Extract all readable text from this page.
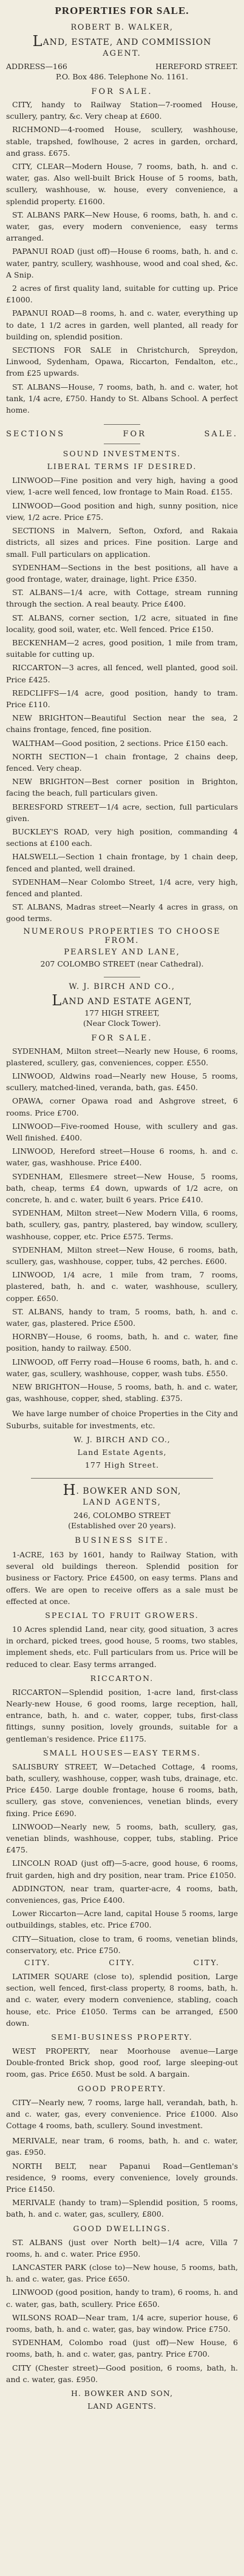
PROPERTIES FOR SALE.
ROBERT B. WALKER,
LAND, ESTATE, AND COMMISSION
AGENT.
ADDRESS—166	HEREFORD STREET.
P.O. Box 486. Telephone No. 1161.
FOR SALE.
CITY, handy to Railway Station—7-roomed House, scullery, pantry, &c. Very cheap at £600.
RICHMOND—4-roomed House, scullery, washhouse, stable, trapshed, fowlhouse, 2 acres in garden, orchard, and grass. £675.
CITY, CLEAR—Modern House, 7 rooms, bath, h. and c. water, gas. Also well-built Brick House of 5 rooms, bath, scullery, washhouse, w. house, every convenience, a splendid property. £1600.
ST. ALBANS PARK—New House, 6 rooms, bath, h. and c. water, gas, every modern convenience, easy terms arranged.
PAPANUI ROAD (just off)—House 6 rooms, bath, h. and c. water, pantry, scullery, washhouse, wood and coal shed, &c. A Snip.
2 acres of first quality land, suitable for cutting up. Price £1000.
PAPANUI ROAD—8 rooms, h. and c. water, everything up to date, 1 1/2 acres in garden, well planted, all ready for building on, splendid position.
SECTIONS FOR SALE in Christchurch, Spreydon, Linwood, Sydenham, Opawa, Riccarton, Fendalton, etc., from £25 upwards.
ST. ALBANS—House, 7 rooms, bath, h. and c. water, hot tank, 1/4 acre, £750. Handy to St. Albans School. A perfect home.
SECTIONS	FOR	SALE.
SOUND INVESTMENTS.
LIBERAL TERMS IF DESIRED.
LINWOOD—Fine position and very high, having a good view, 1-acre well fenced, low frontage to Main Road. £155.
LINWOOD—Good position and high, sunny position, nice view, 1/2 acre. Price £75.
SECTIONS in Malvern, Sefton, Oxford, and Rakaia districts, all sizes and prices. Fine position. Large and small. Full particulars on application.
SYDENHAM—Sections in the best positions, all have a good frontage, water, drainage, light. Price £350.
ST. ALBANS—1/4 acre, with Cottage, stream running through the section. A real beauty. Price £400.
ST. ALBANS, corner section, 1/2 acre, situated in fine locality, good soil, water, etc. Well fenced. Price £150.
BECKENHAM—2 acres, good position, 1 mile from tram, suitable for cutting up.
RICCARTON—3 acres, all fenced, well planted, good soil. Price £425.
REDCLIFFS—1/4 acre, good position, handy to tram. Price £110.
NEW BRIGHTON—Beautiful Section near the sea, 2 chains frontage, fenced, fine position.
WALTHAM—Good position, 2 sections. Price £150 each.
NORTH SECTION—1 chain frontage, 2 chains deep, fenced. Very cheap.
NEW BRIGHTON—Best corner position in Brighton, facing the beach, full particulars given.
BERESFORD STREET—1/4 acre, section, full particulars given.
BUCKLEY'S ROAD, very high position, commanding 4 sections at £100 each.
HALSWELL—Section 1 chain frontage, by 1 chain deep, fenced and planted, well drained.
SYDENHAM—Near Colombo Street, 1/4 acre, very high, fenced and planted.
ST. ALBANS, Madras street—Nearly 4 acres in grass, on good terms.
NUMEROUS PROPERTIES TO CHOOSE FROM.
PEARSLEY AND LANE,
207 COLOMBO STREET (near Cathedral).
W. J. BIRCH AND CO.,
LAND AND ESTATE AGENT,
177 HIGH STREET,
(Near Clock Tower).
FOR SALE.
SYDENHAM, Milton street—Nearly new House, 6 rooms, plastered, scullery, gas, conveniences, copper. £550.
LINWOOD, Aldwins road—Nearly new House, 5 rooms, scullery, matched-lined, veranda, bath, gas. £450.
OPAWA, corner Opawa road and Ashgrove street, 6 rooms. Price £700.
LINWOOD—Five-roomed House, with scullery and gas. Well finished. £400.
LINWOOD, Hereford street—House 6 rooms, h. and c. water, gas, washhouse. Price £400.
SYDENHAM, Ellesmere street—New House, 5 rooms, bath, cheap, terms £4 down, upwards of 1/2 acre, on concrete, h. and c. water, built 6 years. Price £410.
SYDENHAM, Milton street—New Modern Villa, 6 rooms, bath, scullery, gas, pantry, plastered, bay window, scullery, washhouse, copper, etc. Price £575. Terms.
SYDENHAM, Milton street—New House, 6 rooms, bath, scullery, gas, washhouse, copper, tubs, 42 perches. £600.
LINWOOD, 1/4 acre, 1 mile from tram, 7 rooms, plastered, bath, h. and c. water, washhouse, scullery, copper. £650.
ST. ALBANS, handy to tram, 5 rooms, bath, h. and c. water, gas, plastered. Price £500.
HORNBY—House, 6 rooms, bath, h. and c. water, fine position, handy to railway. £500.
LINWOOD, off Ferry road—House 6 rooms, bath, h. and c. water, gas, scullery, washhouse, copper, wash tubs. £550.
NEW BRIGHTON—House, 5 rooms, bath, h. and c. water, gas, washhouse, copper, shed, stabling. £375.

We have large number of choice Properties in the City and Suburbs, suitable for investments, etc.

W. J. BIRCH AND CO.,
Land Estate Agents,
177 High Street.
H. BOWKER AND SON,
LAND AGENTS,
246, COLOMBO STREET
(Established over 20 years).
BUSINESS SITE.

1-ACRE, 163 by 1601, handy to Railway Station, with several old buildings thereon. Splendid position for business or Factory. Price £4500, on easy terms. Plans and offers. We are open to receive offers as a sale must be effected at once.

SPECIAL TO FRUIT GROWERS.

10 Acres splendid Land, near city, good situation, 3 acres in orchard, picked trees, good house, 5 rooms, two stables, implement sheds, etc. Full particulars from us. Price will be reduced to clear. Easy terms arranged.

RICCARTON.

RICCARTON—Splendid position, 1-acre land, first-class Nearly-new House, 6 good rooms, large reception, hall, entrance, bath, h. and c. water, copper, tubs, first-class fittings, sunny position, lovely grounds, suitable for a gentleman's residence. Price £1175.

SMALL HOUSES—EASY TERMS.
SALISBURY STREET, W—Detached Cottage, 4 rooms, bath, scullery, washhouse, copper, wash tubs, drainage, etc. Price £450. Large double frontage, house 6 rooms, bath, scullery, gas stove, conveniences, venetian blinds, every fixing. Price £690.
LINWOOD—Nearly new, 5 rooms, bath, scullery, gas, venetian blinds, washhouse, copper, tubs, stabling. Price £475.
LINCOLN ROAD (just off)—5-acre, good house, 6 rooms, fruit garden, high and dry position, near tram. Price £1050.
ADDINGTON, near tram, quarter-acre, 4 rooms, bath, conveniences, gas, Price £400.
Lower Riccarton—Acre land, capital House 5 rooms, large outbuildings, stables, etc. Price £700.
CITY—Situation, close to tram, 6 rooms, venetian blinds, conservatory, etc. Price £750.
CITY.	CITY.	CITY.

LATIMER SQUARE (close to), splendid position, Large section, well fenced, first-class property, 8 rooms, bath, h. and c. water, every modern convenience, stabling, coach house, etc. Price £1050. Terms can be arranged, £500 down.

SEMI-BUSINESS PROPERTY.

WEST PROPERTY, near Moorhouse avenue—Large Double-fronted Brick shop, good roof, large sleeping-out room, gas. Price £650. Must be sold. A bargain.

GOOD PROPERTY.

CITY—Nearly new, 7 rooms, large hall, verandah, bath, h. and c. water, gas, every convenience. Price £1000. Also Cottage 4 rooms, bath, scullery. Sound investment.

MERIVALE, near tram, 6 rooms, bath, h. and c. water, gas. £950.
NORTH BELT, near Papanui Road—Gentleman's residence, 9 rooms, every convenience, lovely grounds. Price £1450.
MERIVALE (handy to tram)—Splendid position, 5 rooms, bath, h. and c. water, gas, scullery, £800.
GOOD DWELLINGS.
ST. ALBANS (just over North belt)—1/4 acre, Villa 7 rooms, h. and c. water. Price £950.
LANCASTER PARK (close to)—New house, 5 rooms, bath, h. and c. water, gas. Price £650.
LINWOOD (good position, handy to tram), 6 rooms, h. and c. water, gas, bath, scullery. Price £650.
WILSONS ROAD—Near tram, 1/4 acre, superior house, 6 rooms, bath, h. and c. water, gas, bay window. Price £750.
SYDENHAM, Colombo road (just off)—New House, 6 rooms, bath, h. and c. water, gas, pantry. Price £700.
CITY (Chester street)—Good position, 6 rooms, bath, h. and c. water, gas. £950.
H. BOWKER AND SON,
LAND AGENTS.
